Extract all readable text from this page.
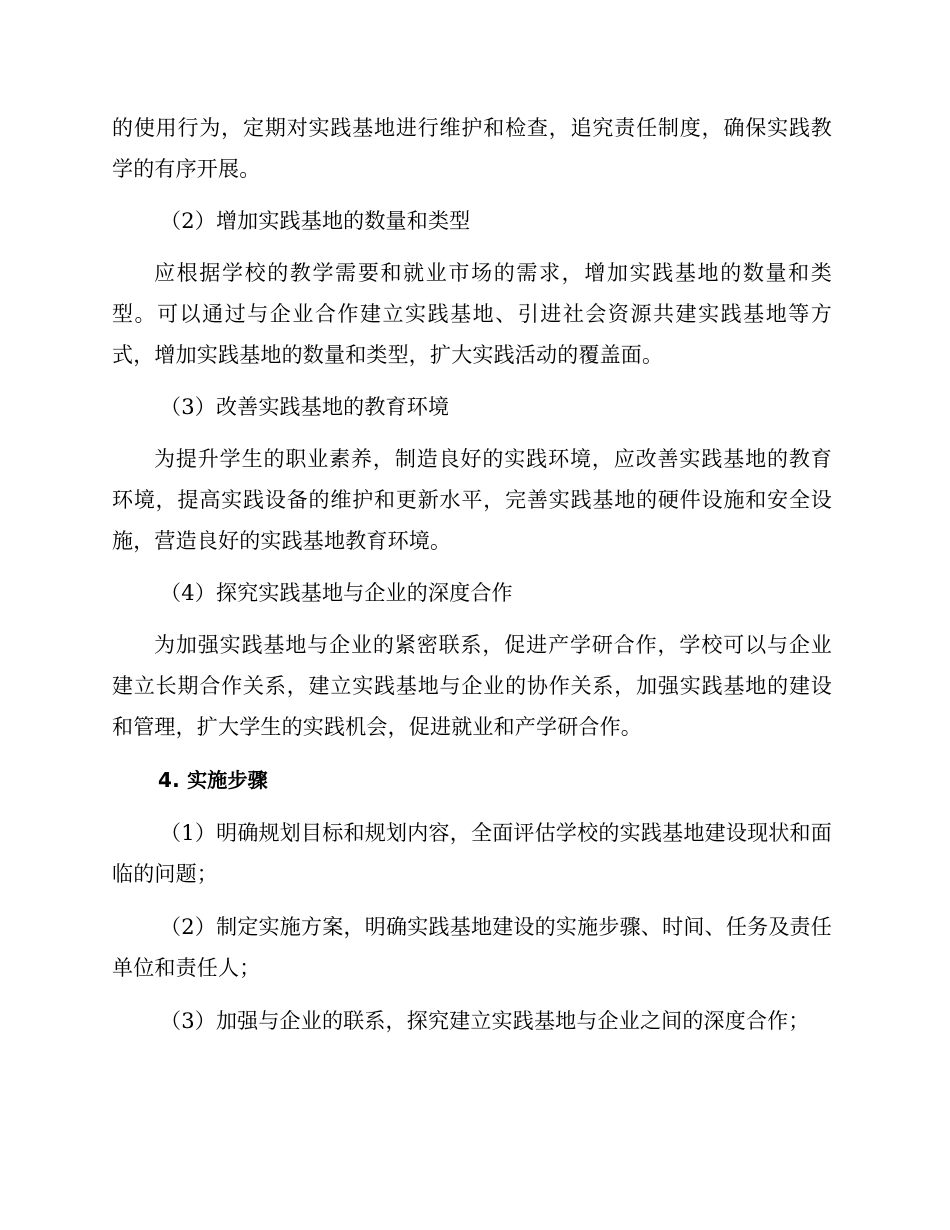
的使用行为，定期对实践基地进行维护和检查，追究责任制度，确保实践教学的有序开展。

（2）增加实践基地的数量和类型

应根据学校的教学需要和就业市场的需求，增加实践基地的数量和类型。可以通过与企业合作建立实践基地、引进社会资源共建实践基地等方式，增加实践基地的数量和类型，扩大实践活动的覆盖面。

（3）改善实践基地的教育环境

为提升学生的职业素养，制造良好的实践环境，应改善实践基地的教育环境，提高实践设备的维护和更新水平，完善实践基地的硬件设施和安全设施，营造良好的实践基地教育环境。

（4）探究实践基地与企业的深度合作

为加强实践基地与企业的紧密联系，促进产学研合作，学校可以与企业建立长期合作关系，建立实践基地与企业的协作关系，加强实践基地的建设和管理，扩大学生的实践机会，促进就业和产学研合作。

4. 实施步骤

（1）明确规划目标和规划内容，全面评估学校的实践基地建设现状和面临的问题；

（2）制定实施方案，明确实践基地建设的实施步骤、时间、任务及责任单位和责任人；

（3）加强与企业的联系，探究建立实践基地与企业之间的深度合作；
